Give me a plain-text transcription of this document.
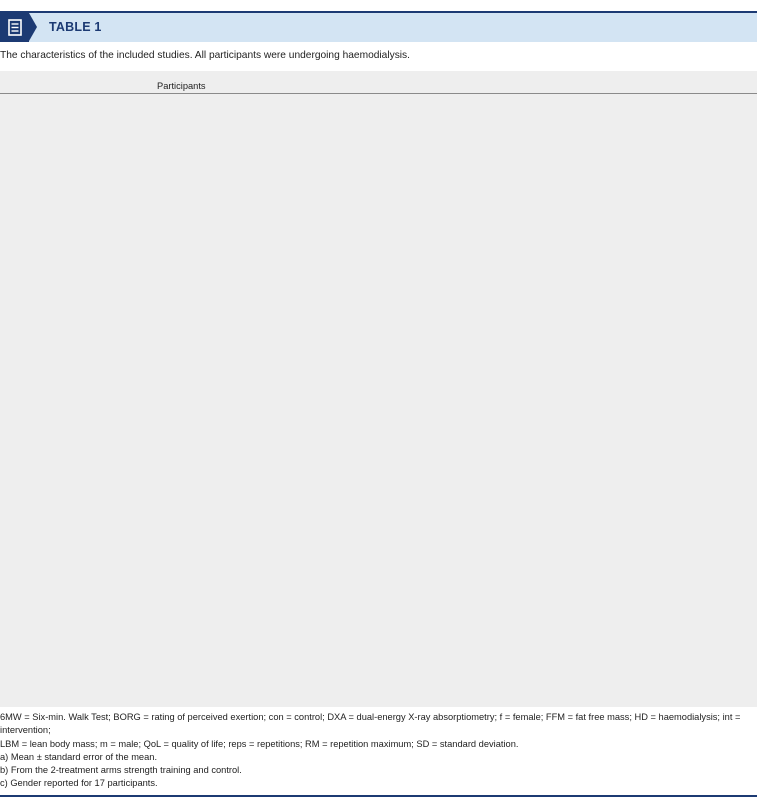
TABLE 1
The characteristics of the included studies. All participants were undergoing haemodialysis.
Participants
6MW = Six-min. Walk Test; BORG = rating of perceived exertion; con = control; DXA = dual-energy X-ray absorptiometry; f = female; FFM = fat free mass; HD = haemodialysis; int = intervention;
LBM = lean body mass; m = male; QoL = quality of life; reps = repetitions; RM = repetition maximum; SD = standard deviation.
a) Mean ± standard error of the mean.
b) From the 2-treatment arms strength training and control.
c) Gender reported for 17 participants.
